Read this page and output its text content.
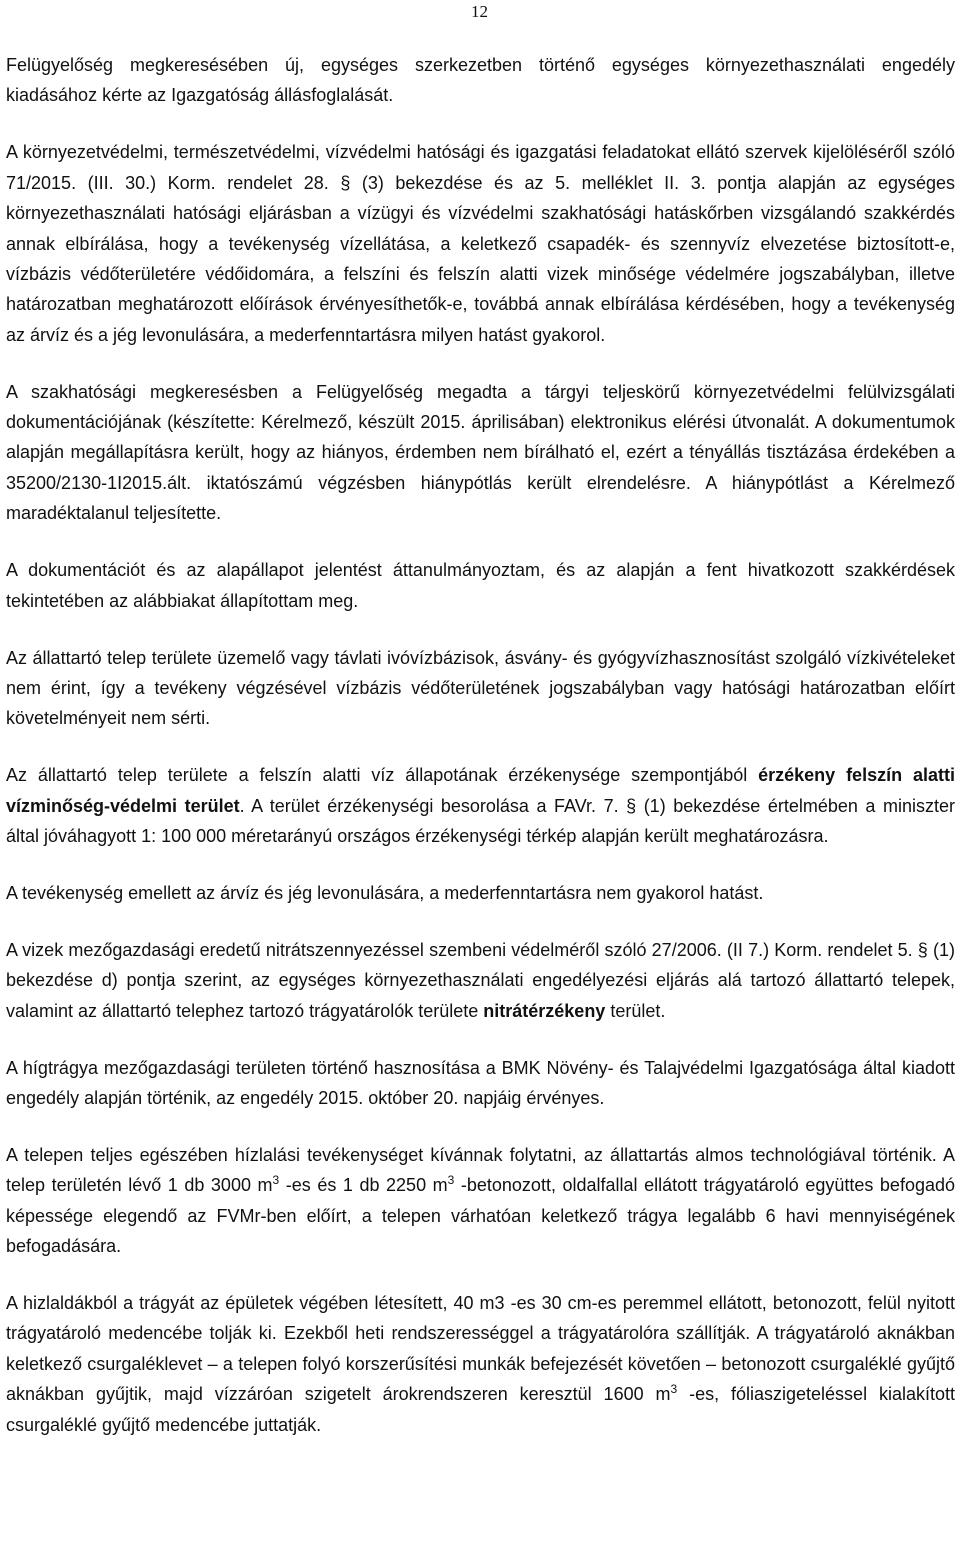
12

Felügyelőség megkeresésében új, egységes szerkezetben történő egységes környezethasználati engedély kiadásához kérte az Igazgatóság állásfoglalását.

A környezetvédelmi, természetvédelmi, vízvédelmi hatósági és igazgatási feladatokat ellátó szervek kijelöléséről szóló 71/2015. (III. 30.) Korm. rendelet 28. § (3) bekezdése és az 5. melléklet II. 3. pontja alapján az egységes környezethasználati hatósági eljárásban a vízügyi és vízvédelmi szakhatósági hatáskőrben vizsgálandó szakkérdés annak elbírálása, hogy a tevékenység vízellátása, a keletkező csapadék- és szennyvíz elvezetése biztosított-e, vízbázis védőterületére védőidomára, a felszíni és felszín alatti vizek minősége védelmére jogszabályban, illetve határozatban meghatározott előírások érvényesíthetők-e, továbbá annak elbírálása kérdésében, hogy a tevékenység az árvíz és a jég levonulására, a mederfenntartásra milyen hatást gyakorol.

A szakhatósági megkeresésben a Felügyelőség megadta a tárgyi teljeskörű környezetvédelmi felülvizsgálati dokumentációjának (készítette: Kérelmező, készült 2015. áprilisában) elektronikus elérési útvonalát. A dokumentumok alapján megállapításra került, hogy az hiányos, érdemben nem bírálható el, ezért a tényállás tisztázása érdekében a 35200/2130-1I2015.ált. iktatószámú végzésben hiánypótlás került elrendelésre. A hiánypótlást a Kérelmező maradéktalanul teljesítette.

A dokumentációt és az alapállapot jelentést áttanulmányoztam, és az alapján a fent hivatkozott szakkérdések tekintetében az alábbiakat állapítottam meg.

Az állattartó telep területe üzemelő vagy távlati ivóvízbázisok, ásvány- és gyógyvízhasznosítást szolgáló vízkivételeket nem érint, így a tevékeny végzésével vízbázis védőterületének jogszabályban vagy hatósági határozatban előírt követelményeit nem sérti.

Az állattartó telep területe a felszín alatti víz állapotának érzékenysége szempontjából érzékeny felszín alatti vízminőség-védelmi terület. A terület érzékenységi besorolása a FAVr. 7. § (1) bekezdése értelmében a miniszter által jóváhagyott 1: 100 000 méretarányú országos érzékenységi térkép alapján került meghatározásra.

A tevékenység emellett az árvíz és jég levonulására, a mederfenntartásra nem gyakorol hatást.

A vizek mezőgazdasági eredetű nitrátszennyezéssel szembeni védelméről szóló 27/2006. (II 7.) Korm. rendelet 5. § (1) bekezdése d) pontja szerint, az egységes környezethasználati engedélyezési eljárás alá tartozó állattartó telepek, valamint az állattartó telephez tartozó trágyatárolók területe nitrátérzékeny terület.

A hígtrágya mezőgazdasági területen történő hasznosítása a BMK Növény- és Talajvédelmi Igazgatósága által kiadott engedély alapján történik, az engedély 2015. október 20. napjáig érvényes.

A telepen teljes egészében hízlalási tevékenységet kívánnak folytatni, az állattartás almos technológiával történik. A telep területén lévő 1 db 3000 $m^3$ -es és 1 db 2250 $m^3$ -betonozott, oldalfallal ellátott trágyatároló együttes befogadó képessége elegendő az FVMr-ben előírt, a telepen várhatóan keletkező trágya legalább 6 havi mennyiségének befogadására.

A hizlaldákból a trágyát az épületek végében létesített, 40 m3 -es 30 cm-es peremmel ellátott, betonozott, felül nyitott trágyatároló medencébe tolják ki. Ezekből heti rendszerességgel a trágyatárolóra szállítják. A trágyatároló aknákban keletkező csurgaléklevet – a telepen folyó korszerűsítési munkák befejezését követően – betonozott csurgaléklé gyűjtő aknákban gyűjtik, majd vízzáróan szigetelt árokrendszeren keresztül 1600 $m^3$ -es, fóliaszigeteléssel kialakított csurgaléklé gyűjtő medencébe juttatják.
